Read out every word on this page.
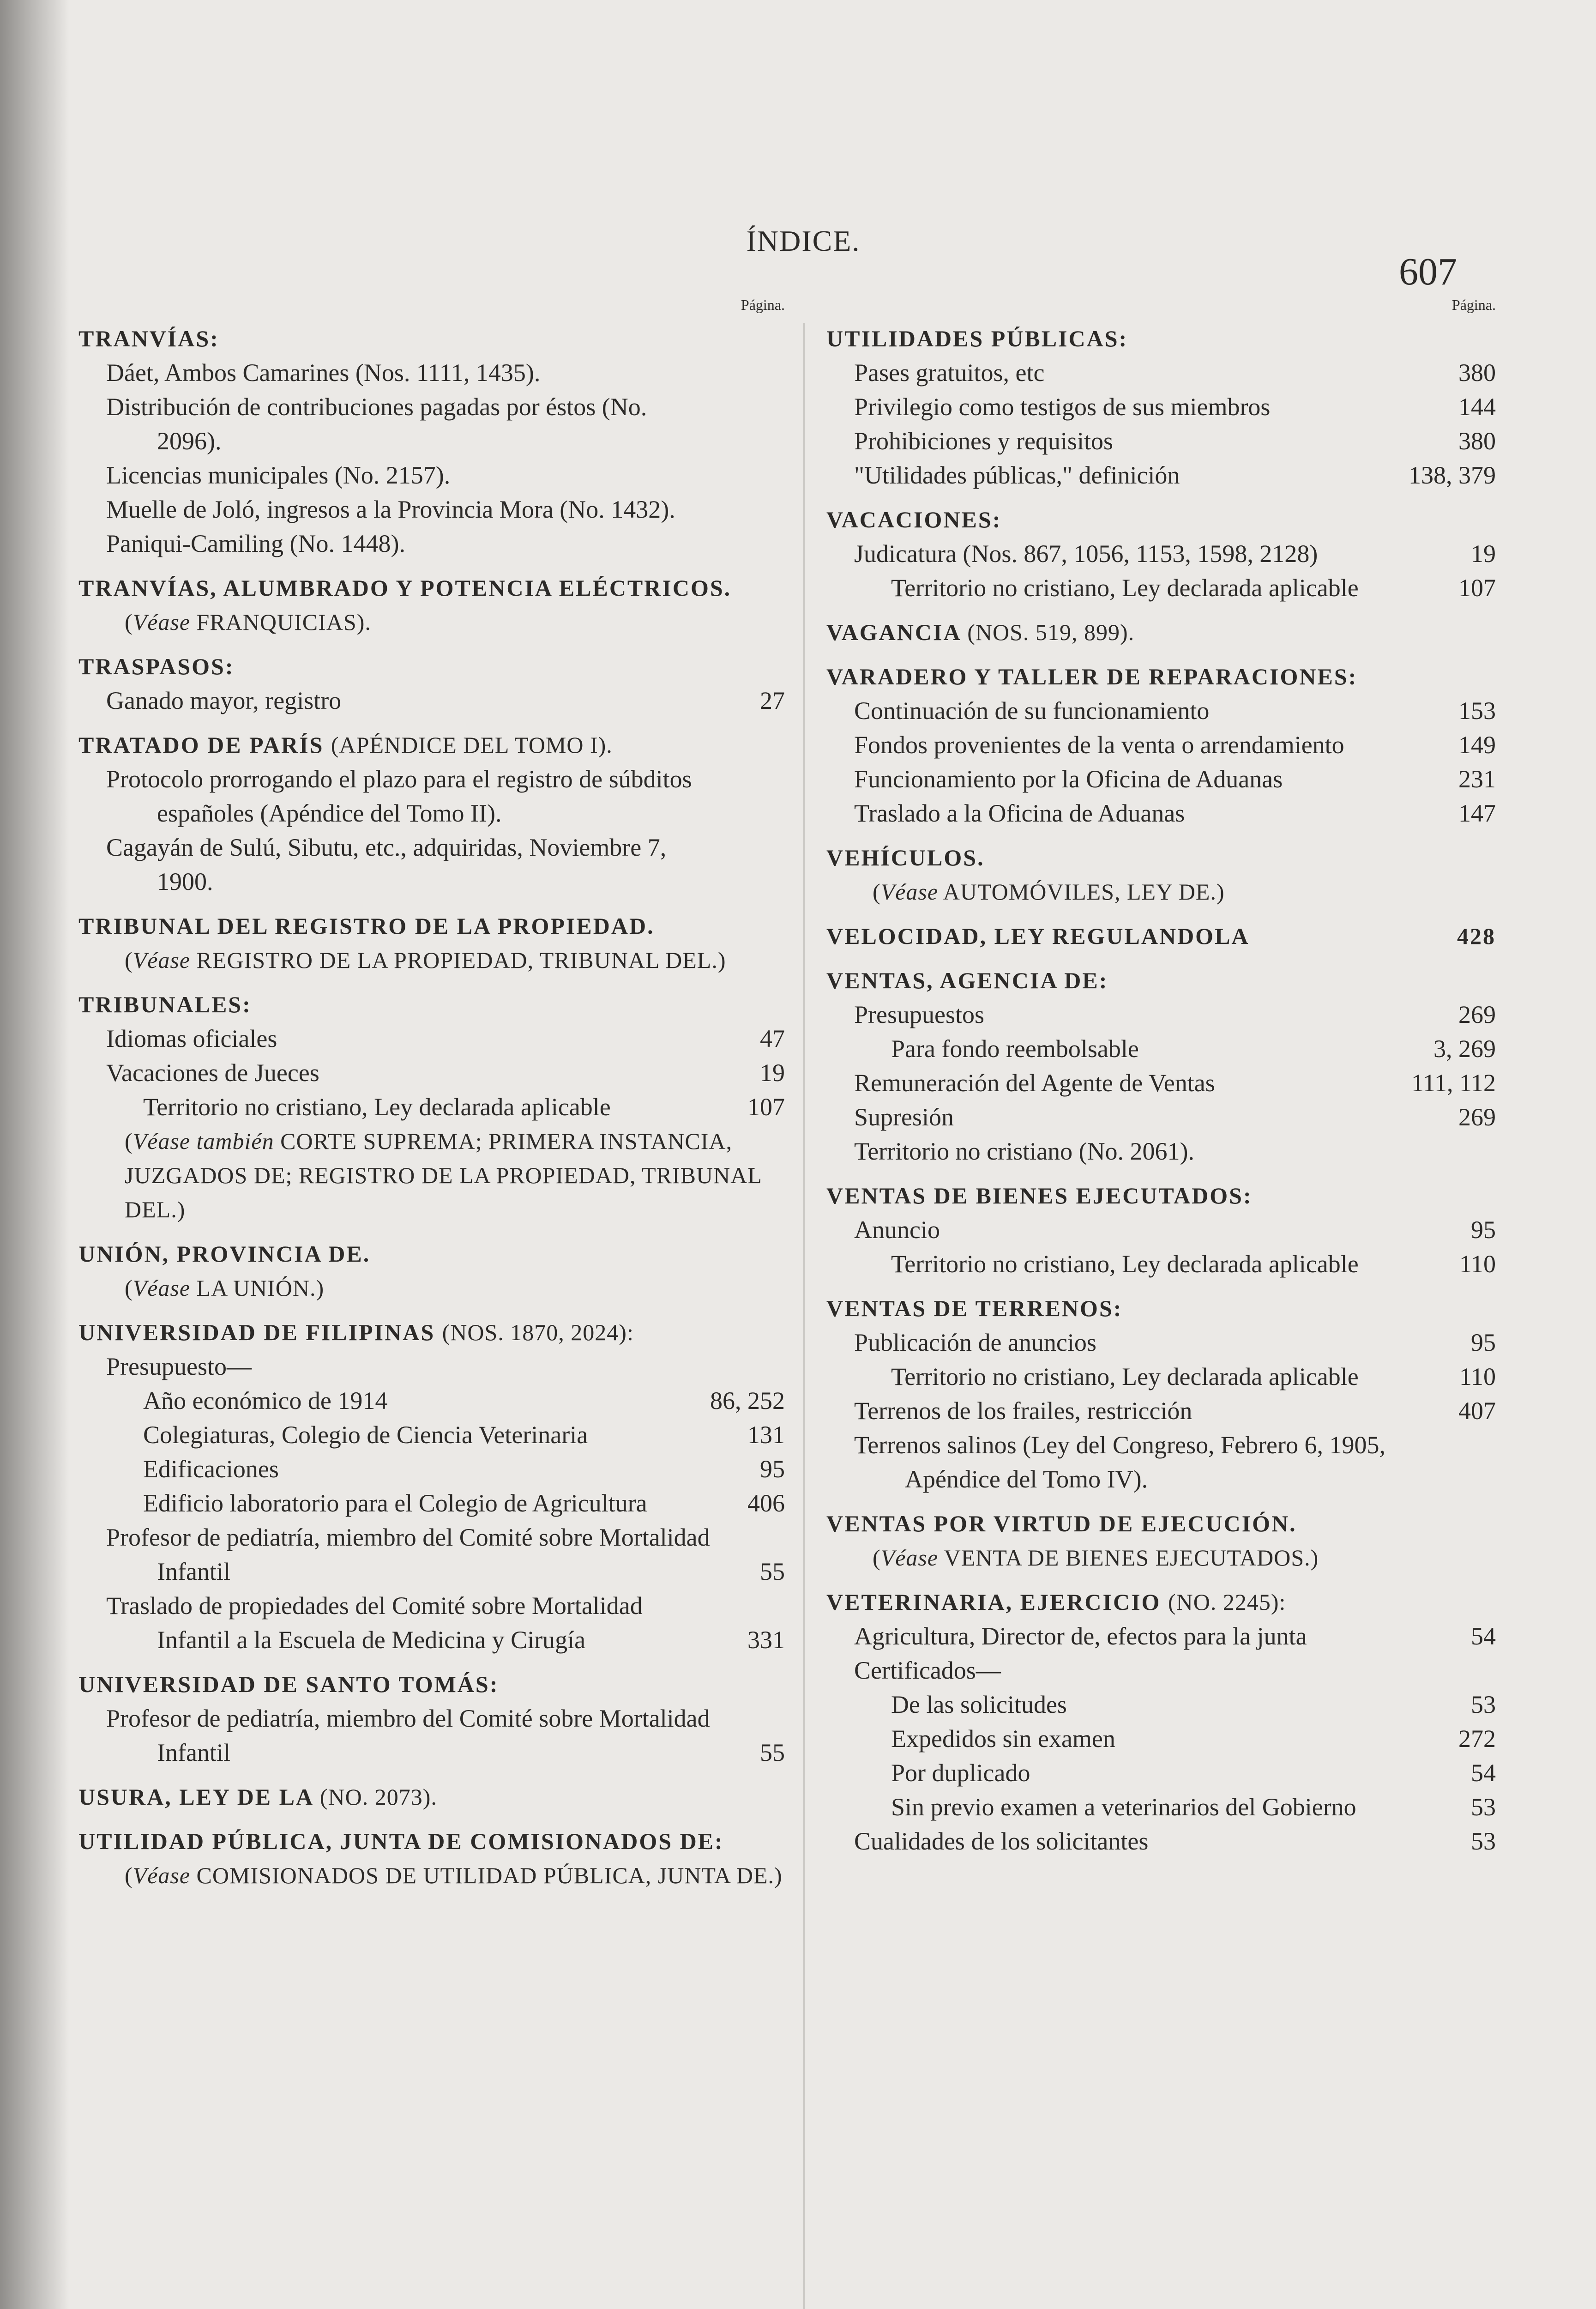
ÍNDICE.
607
Página.
TRANVÍAS:
Dáet, Ambos Camarines (Nos. 1111, 1435).
Distribución de contribuciones pagadas por éstos (No. 2096).
Licencias municipales (No. 2157).
Muelle de Joló, ingresos a la Provincia Mora (No. 1432).
Paniqui-Camiling (No. 1448).
TRANVÍAS, ALUMBRADO Y POTENCIA ELÉCTRICOS.
(Véase FRANQUICIAS).
TRASPASOS:
Ganado mayor, registro	27
TRATADO DE PARÍS (APÉNDICE DEL TOMO I).
Protocolo prorrogando el plazo para el registro de súbditos españoles (Apéndice del Tomo II).
Cagayán de Sulú, Sibutu, etc., adquiridas, Noviembre 7, 1900.
TRIBUNAL DEL REGISTRO DE LA PROPIEDAD.
(Véase REGISTRO DE LA PROPIEDAD, TRIBUNAL DEL.)
TRIBUNALES:
Idiomas oficiales	47
Vacaciones de Jueces	19
Territorio no cristiano, Ley declarada aplicable	107
(Véase también CORTE SUPREMA; PRIMERA INSTANCIA, JUZGADOS DE; REGISTRO DE LA PROPIEDAD, TRIBUNAL DEL.)
UNIÓN, PROVINCIA DE.
(Véase LA UNIÓN.)
UNIVERSIDAD DE FILIPINAS (NOS. 1870, 2024):
Presupuesto—
Año económico de 1914	86, 252
Colegiaturas, Colegio de Ciencia Veterinaria	131
Edificaciones	95
Edificio laboratorio para el Colegio de Agricultura	406
Profesor de pediatría, miembro del Comité sobre Mortalidad Infantil	55
Traslado de propiedades del Comité sobre Mortalidad Infantil a la Escuela de Medicina y Cirugía	331
UNIVERSIDAD DE SANTO TOMÁS:
Profesor de pediatría, miembro del Comité sobre Mortalidad Infantil	55
USURA, LEY DE LA (NO. 2073).
UTILIDAD PÚBLICA, JUNTA DE COMISIONADOS DE:
(Véase COMISIONADOS DE UTILIDAD PÚBLICA, JUNTA DE.)
Página.
UTILIDADES PÚBLICAS:
Pases gratuitos, etc	380
Privilegio como testigos de sus miembros	144
Prohibiciones y requisitos	380
"Utilidades públicas," definición	138, 379
VACACIONES:
Judicatura (Nos. 867, 1056, 1153, 1598, 2128)	19
Territorio no cristiano, Ley declarada aplicable	107
VAGANCIA (NOS. 519, 899).
VARADERO Y TALLER DE REPARACIONES:
Continuación de su funcionamiento	153
Fondos provenientes de la venta o arrendamiento	149
Funcionamiento por la Oficina de Aduanas	231
Traslado a la Oficina de Aduanas	147
VEHÍCULOS.
(Véase AUTOMÓVILES, LEY DE.)
VELOCIDAD, LEY REGULANDOLA	428
VENTAS, AGENCIA DE:
Presupuestos	269
Para fondo reembolsable	3, 269
Remuneración del Agente de Ventas	111, 112
Supresión	269
Territorio no cristiano (No. 2061).
VENTAS DE BIENES EJECUTADOS:
Anuncio	95
Territorio no cristiano, Ley declarada aplicable	110
VENTAS DE TERRENOS:
Publicación de anuncios	95
Territorio no cristiano, Ley declarada aplicable	110
Terrenos de los frailes, restricción	407
Terrenos salinos (Ley del Congreso, Febrero 6, 1905, Apéndice del Tomo IV).
VENTAS POR VIRTUD DE EJECUCIÓN.
(Véase VENTA DE BIENES EJECUTADOS.)
VETERINARIA, EJERCICIO (NO. 2245):
Agricultura, Director de, efectos para la junta	54
Certificados—
De las solicitudes	53
Expedidos sin examen	272
Por duplicado	54
Sin previo examen a veterinarios del Gobierno	53
Cualidades de los solicitantes	53
